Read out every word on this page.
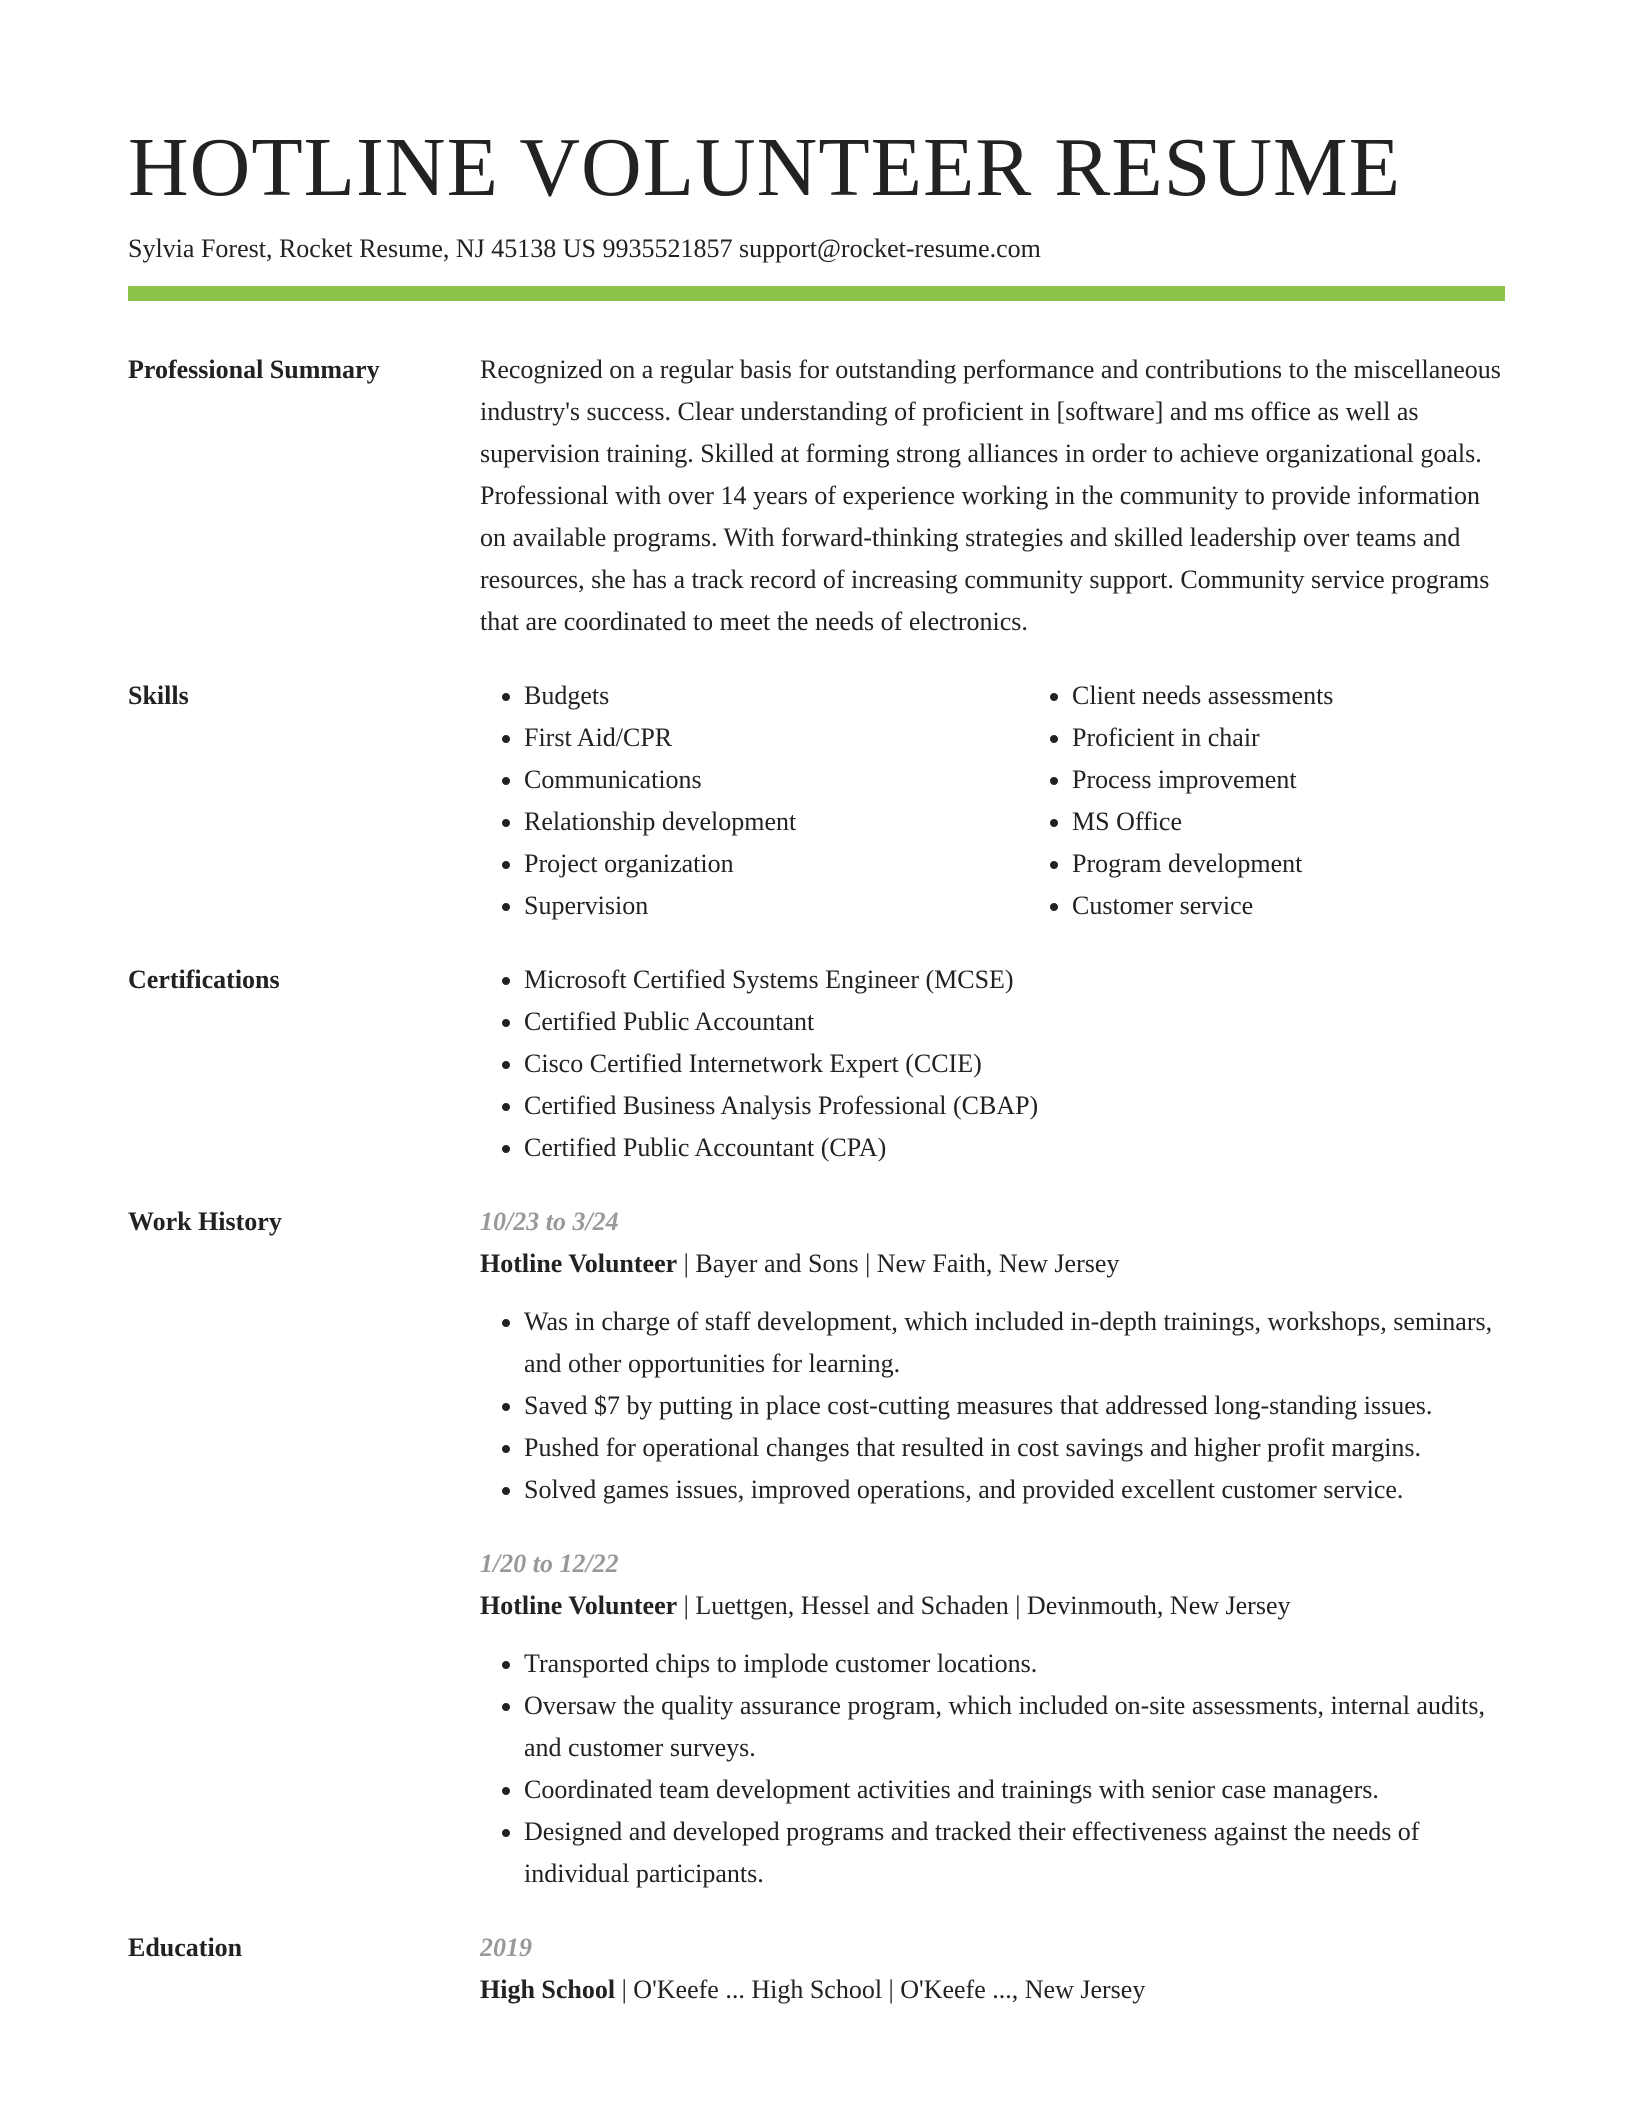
HOTLINE VOLUNTEER RESUME
Sylvia Forest, Rocket Resume, NJ 45138 US 9935521857 support@rocket-resume.com
Professional Summary	Recognized on a regular basis for outstanding performance and contributions to the miscellaneous industry's success. Clear understanding of proficient in [software] and ms office as well as supervision training. Skilled at forming strong alliances in order to achieve organizational goals. Professional with over 14 years of experience working in the community to provide information on available programs. With forward-thinking strategies and skilled leadership over teams and resources, she has a track record of increasing community support. Community service programs that are coordinated to meet the needs of electronics.

Skills	• Budgets
• First Aid/CPR
• Communications
• Relationship development
• Project organization
• Supervision
• Client needs assessments
• Proficient in chair
• Process improvement
• MS Office
• Program development
• Customer service
Certifications	• Microsoft Certified Systems Engineer (MCSE)
• Certified Public Accountant
• Cisco Certified Internetwork Expert (CCIE)
• Certified Business Analysis Professional (CBAP)
• Certified Public Accountant (CPA)
Work History	10/23 to 3/24
Hotline Volunteer | Bayer and Sons | New Faith, New Jersey
• Was in charge of staff development, which included in-depth trainings, workshops, seminars, and other opportunities for learning.
• Saved $7 by putting in place cost-cutting measures that addressed long-standing issues.
• Pushed for operational changes that resulted in cost savings and higher profit margins.
• Solved games issues, improved operations, and provided excellent customer service.
1/20 to 12/22
Hotline Volunteer | Luettgen, Hessel and Schaden | Devinmouth, New Jersey
• Transported chips to implode customer locations.
• Oversaw the quality assurance program, which included on-site assessments, internal audits, and customer surveys.
• Coordinated team development activities and trainings with senior case managers.
• Designed and developed programs and tracked their effectiveness against the needs of individual participants.
Education	2019
High School | O'Keefe ... High School | O'Keefe ..., New Jersey
